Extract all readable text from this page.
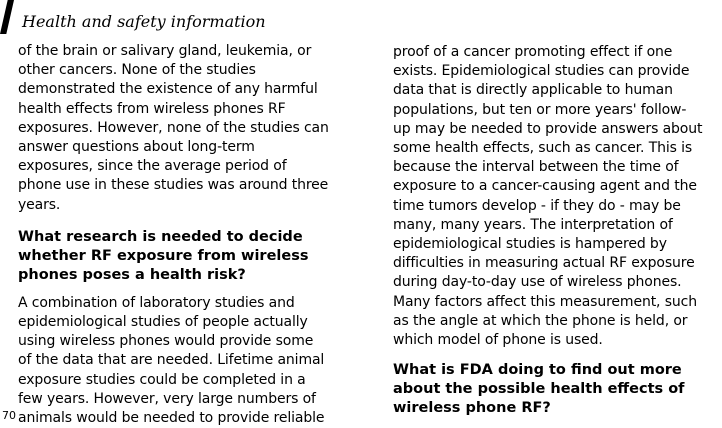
Health and safety information

of the brain or salivary gland, leukemia, or
other cancers. None of the studies
demonstrated the existence of any harmful
health effects from wireless phones RF
exposures. However, none of the studies can
answer questions about long-term
exposures, since the average period of
phone use in these studies was around three
years.

What research is needed to decide
whether RF exposure from wireless
phones poses a health risk?

A combination of laboratory studies and
epidemiological studies of people actually
using wireless phones would provide some
of the data that are needed. Lifetime animal
exposure studies could be completed in a
few years. However, very large numbers of
animals would be needed to provide reliable

proof of a cancer promoting effect if one
exists. Epidemiological studies can provide
data that is directly applicable to human
populations, but ten or more years' follow-
up may be needed to provide answers about
some health effects, such as cancer. This is
because the interval between the time of
exposure to a cancer-causing agent and the
time tumors develop - if they do - may be
many, many years. The interpretation of
epidemiological studies is hampered by
difficulties in measuring actual RF exposure
during day-to-day use of wireless phones.
Many factors affect this measurement, such
as the angle at which the phone is held, or
which model of phone is used.

What is FDA doing to find out more
about the possible health effects of
wireless phone RF?
70
